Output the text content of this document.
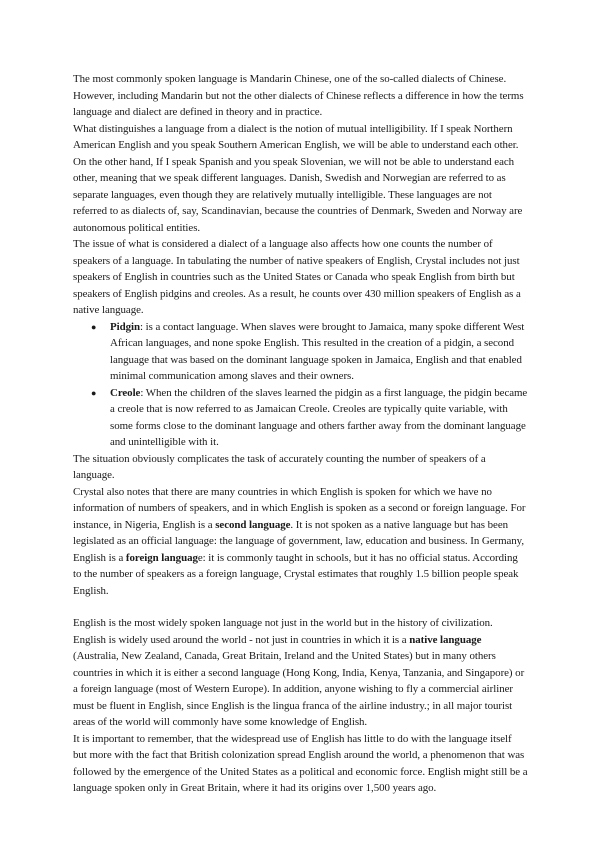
The most commonly spoken language is Mandarin Chinese, one of the so-called dialects of Chinese. However, including Mandarin but not the other dialects of Chinese reflects a difference in how the terms language and dialect are defined in theory and in practice.

What distinguishes a language from a dialect is the notion of mutual intelligibility. If I speak Northern American English and you speak Southern American English, we will be able to understand each other. On the other hand, If I speak Spanish and you speak Slovenian, we will not be able to understand each other, meaning that we speak different languages. Danish, Swedish and Norwegian are referred to as separate languages, even though they are relatively mutually intelligible. These languages are not referred to as dialects of, say, Scandinavian, because the countries of Denmark, Sweden and Norway are autonomous political entities.

The issue of what is considered a dialect of a language also affects how one counts the number of speakers of a language. In tabulating the number of native speakers of English, Crystal includes not just speakers of English in countries such as the United States or Canada who speak English from birth but speakers of English pidgins and creoles. As a result, he counts over 430 million speakers of English as a native language.

● Pidgin: is a contact language. When slaves were brought to Jamaica, many spoke different West African languages, and none spoke English. This resulted in the creation of a pidgin, a second language that was based on the dominant language spoken in Jamaica, English and that enabled minimal communication among slaves and their owners.
● Creole: When the children of the slaves learned the pidgin as a first language, the pidgin became a creole that is now referred to as Jamaican Creole. Creoles are typically quite variable, with some forms close to the dominant language and others farther away from the dominant language and unintelligible with it.

The situation obviously complicates the task of accurately counting the number of speakers of a language.

Crystal also notes that there are many countries in which English is spoken for which we have no information of numbers of speakers, and in which English is spoken as a second or foreign language. For instance, in Nigeria, English is a second language. It is not spoken as a native language but has been legislated as an official language: the language of government, law, education and business. In Germany, English is a foreign language: it is commonly taught in schools, but it has no official status. According to the number of speakers as a foreign language, Crystal estimates that roughly 1.5 billion people speak English.

English is the most widely spoken language not just in the world but in the history of civilization. English is widely used around the world - not just in countries in which it is a native language (Australia, New Zealand, Canada, Great Britain, Ireland and the United States) but in many others countries in which it is either a second language (Hong Kong, India, Kenya, Tanzania, and Singapore) or a foreign language (most of Western Europe). In addition, anyone wishing to fly a commercial airliner must be fluent in English, since English is the lingua franca of the airline industry.; in all major tourist areas of the world will commonly have some knowledge of English.

It is important to remember, that the widespread use of English has little to do with the language itself but more with the fact that British colonization spread English around the world, a phenomenon that was followed by the emergence of the United States as a political and economic force. English might still be a language spoken only in Great Britain, where it had its origins over 1,500 years ago.
